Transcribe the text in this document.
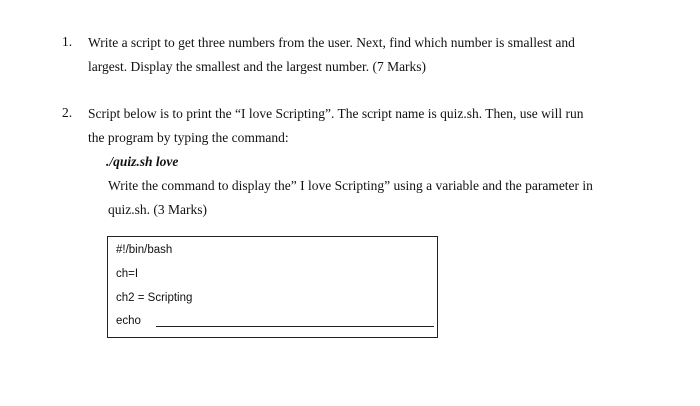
1. Write a script to get three numbers from the user. Next, find which number is smallest and
largest. Display the smallest and the largest number. (7 Marks)
2. Script below is to print the “I love Scripting”. The script name is quiz.sh. Then, use will run
the program by typing the command:
./quiz.sh love
Write the command to display the” I love Scripting” using a variable and the parameter in
quiz.sh. (3 Marks)
#!/bin/bash
ch=I
ch2 = Scripting
echo
